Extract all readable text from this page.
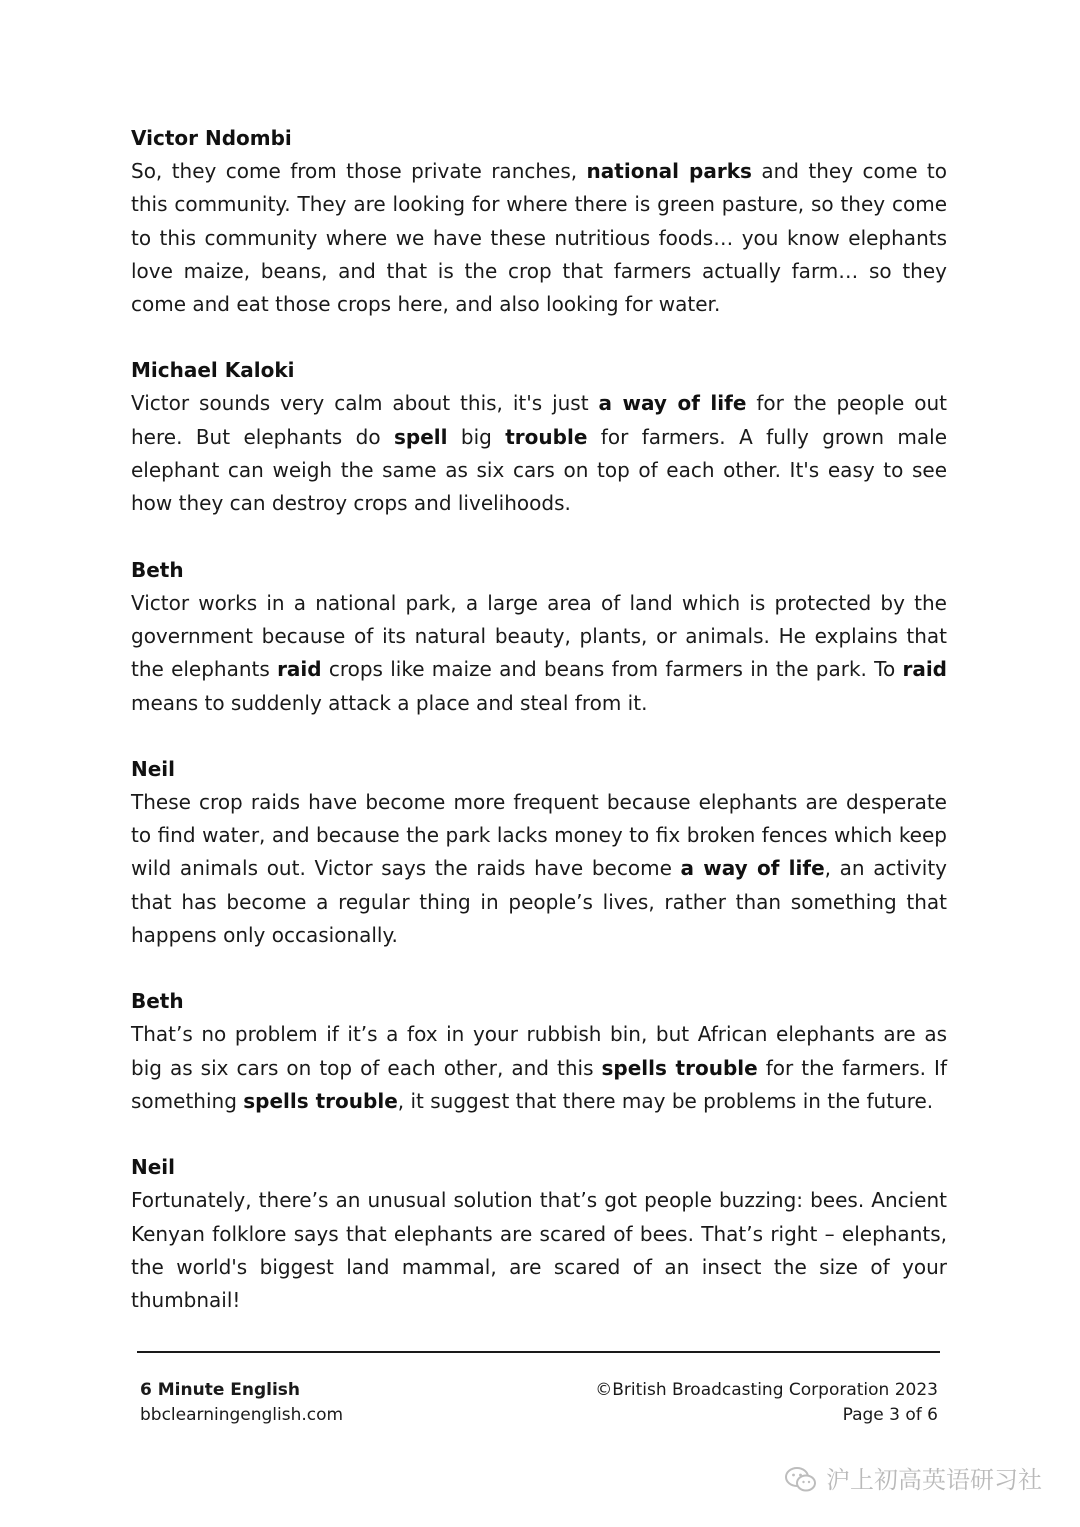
Victor Ndombi
So, they come from those private ranches, national parks and they come to this community. They are looking for where there is green pasture, so they come to this community where we have these nutritious foods… you know elephants love maize, beans, and that is the crop that farmers actually farm… so they come and eat those crops here, and also looking for water.
Michael Kaloki
Victor sounds very calm about this, it's just a way of life for the people out here. But elephants do spell big trouble for farmers. A fully grown male elephant can weigh the same as six cars on top of each other. It's easy to see how they can destroy crops and livelihoods.
Beth
Victor works in a national park, a large area of land which is protected by the government because of its natural beauty, plants, or animals. He explains that the elephants raid crops like maize and beans from farmers in the park. To raid means to suddenly attack a place and steal from it.
Neil
These crop raids have become more frequent because elephants are desperate to find water, and because the park lacks money to fix broken fences which keep wild animals out. Victor says the raids have become a way of life, an activity that has become a regular thing in people’s lives, rather than something that happens only occasionally.
Beth
That’s no problem if it’s a fox in your rubbish bin, but African elephants are as big as six cars on top of each other, and this spells trouble for the farmers. If something spells trouble, it suggest that there may be problems in the future.
Neil
Fortunately, there’s an unusual solution that’s got people buzzing: bees. Ancient Kenyan folklore says that elephants are scared of bees. That’s right – elephants, the world's biggest land mammal, are scared of an insect the size of your thumbnail!
6 Minute English
bbclearningenglish.com
©British Broadcasting Corporation 2023
Page 3 of 6
沪上初高英语研习社
